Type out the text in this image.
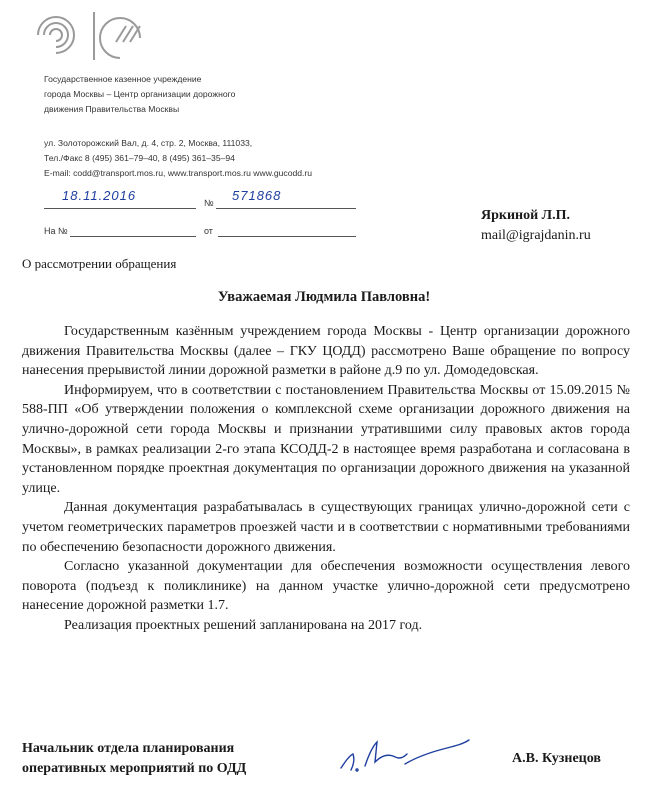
Государственное казенное учреждение
города Москвы – Центр организации дорожного
движения Правительства Москвы
ул. Золоторожский Вал, д. 4, стр. 2, Москва, 111033,
Тел./Факс 8 (495) 361–79–40, 8 (495) 361–35–94
E-mail: codd@transport.mos.ru, www.transport.mos.ru www.gucodd.ru
18.11.2016	№ 571868
На №	от
Яркиной Л.П.
mail@igrajdanin.ru
О рассмотрении обращения
Уважаемая Людмила Павловна!

Государственным казённым учреждением города Москвы - Центр организации дорожного движения Правительства Москвы (далее – ГКУ ЦОДД) рассмотрено Ваше обращение по вопросу нанесения прерывистой линии дорожной разметки в районе д.9 по ул. Домодедовская.

Информируем, что в соответствии с постановлением Правительства Москвы от 15.09.2015 № 588-ПП «Об утверждении положения о комплексной схеме организации дорожного движения на улично-дорожной сети города Москвы и признании утратившими силу правовых актов города Москвы», в рамках реализации 2-го этапа КСОДД-2 в настоящее время разработана и согласована в установленном порядке проектная документация по организации дорожного движения на указанной улице.

Данная документация разрабатывалась в существующих границах улично-дорожной сети с учетом геометрических параметров проезжей части и в соответствии с нормативными требованиями по обеспечению безопасности дорожного движения.

Согласно указанной документации для обеспечения возможности осуществления левого поворота (подъезд к поликлинике) на данном участке улично-дорожной сети предусмотрено нанесение дорожной разметки 1.7.

Реализация проектных решений запланирована на 2017 год.

Начальник отдела планирования
оперативных мероприятий по ОДД
А.В. Кузнецов
